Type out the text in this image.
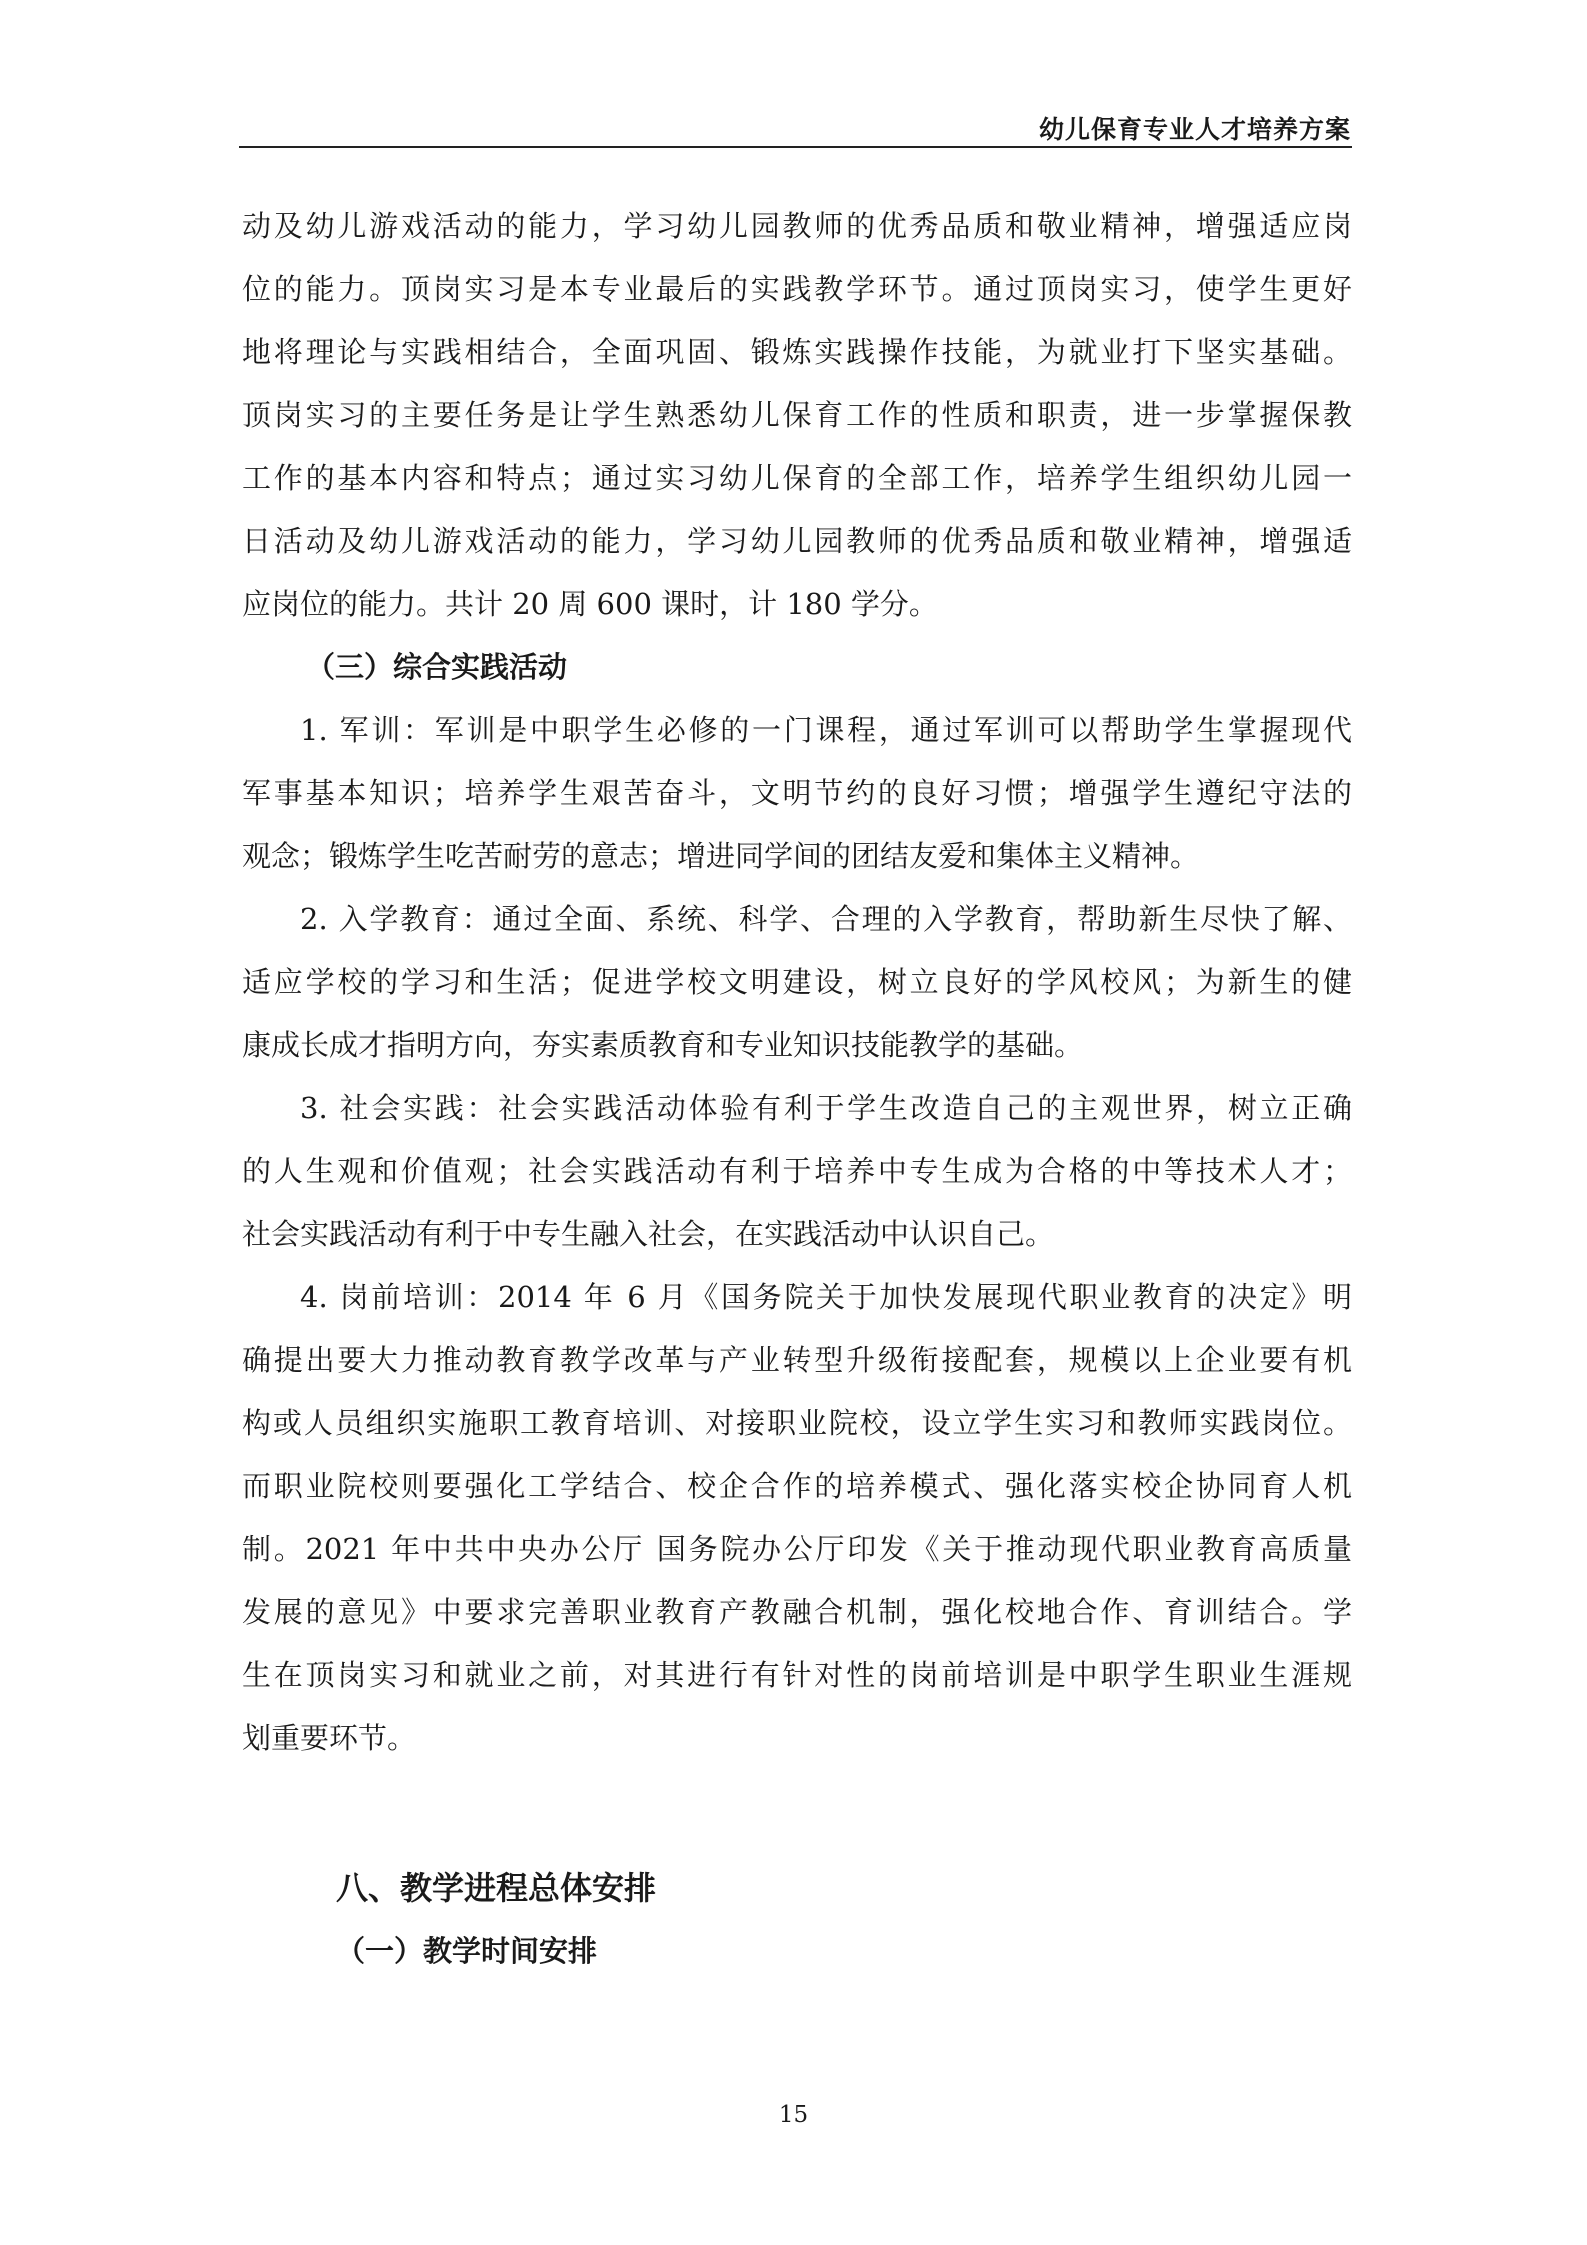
幼儿保育专业人才培养方案
动及幼儿游戏活动的能力，学习幼儿园教师的优秀品质和敬业精神，增强适应岗
位的能力。顶岗实习是本专业最后的实践教学环节。通过顶岗实习，使学生更好
地将理论与实践相结合，全面巩固、锻炼实践操作技能，为就业打下坚实基础。
顶岗实习的主要任务是让学生熟悉幼儿保育工作的性质和职责，进一步掌握保教
工作的基本内容和特点；通过实习幼儿保育的全部工作，培养学生组织幼儿园一
日活动及幼儿游戏活动的能力，学习幼儿园教师的优秀品质和敬业精神，增强适
应岗位的能力。共计 20 周 600 课时，计 180 学分。
（三）综合实践活动
1. 军训：军训是中职学生必修的一门课程，通过军训可以帮助学生掌握现代
军事基本知识；培养学生艰苦奋斗，文明节约的良好习惯；增强学生遵纪守法的
观念；锻炼学生吃苦耐劳的意志；增进同学间的团结友爱和集体主义精神。
2. 入学教育：通过全面、系统、科学、合理的入学教育，帮助新生尽快了解、
适应学校的学习和生活；促进学校文明建设，树立良好的学风校风；为新生的健
康成长成才指明方向，夯实素质教育和专业知识技能教学的基础。
3. 社会实践：社会实践活动体验有利于学生改造自己的主观世界，树立正确
的人生观和价值观；社会实践活动有利于培养中专生成为合格的中等技术人才；
社会实践活动有利于中专生融入社会，在实践活动中认识自己。
4. 岗前培训：2014 年 6 月《国务院关于加快发展现代职业教育的决定》明
确提出要大力推动教育教学改革与产业转型升级衔接配套，规模以上企业要有机
构或人员组织实施职工教育培训、对接职业院校，设立学生实习和教师实践岗位。
而职业院校则要强化工学结合、校企合作的培养模式、强化落实校企协同育人机
制。2021 年中共中央办公厅 国务院办公厅印发《关于推动现代职业教育高质量
发展的意见》中要求完善职业教育产教融合机制，强化校地合作、育训结合。学
生在顶岗实习和就业之前，对其进行有针对性的岗前培训是中职学生职业生涯规
划重要环节。
八、教学进程总体安排
（一）教学时间安排
15
